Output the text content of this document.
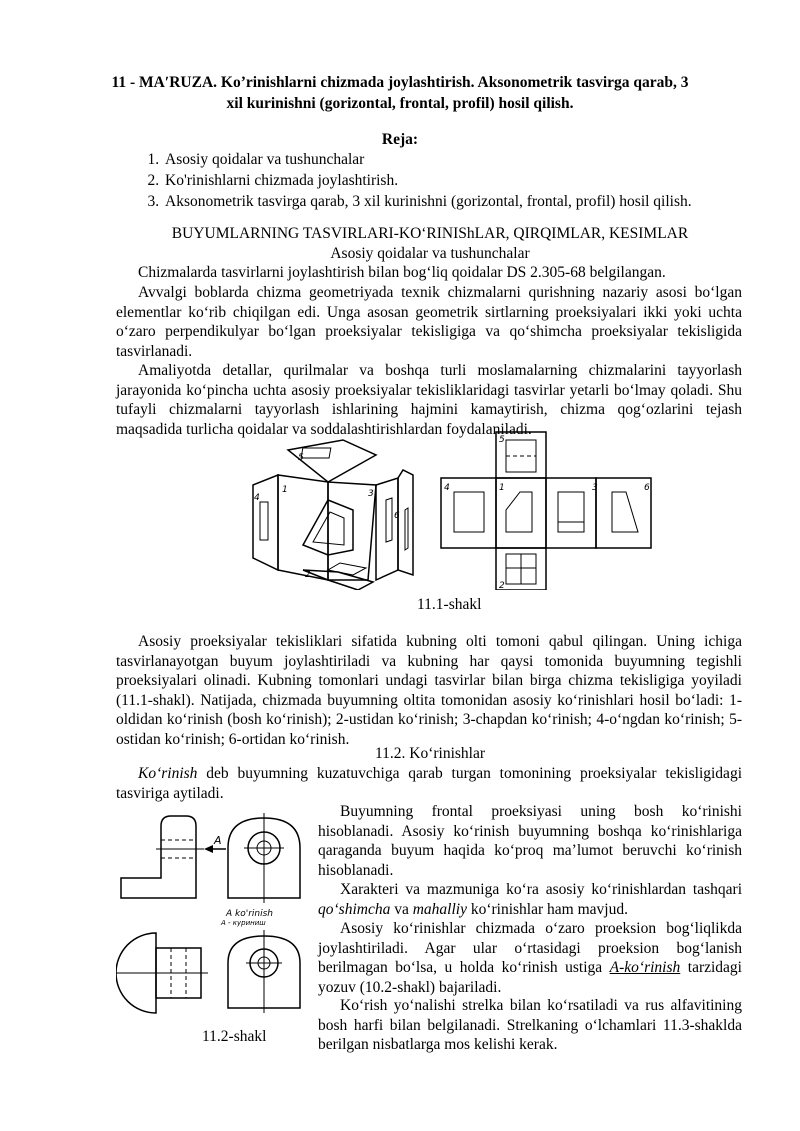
11 - MAʹRUZA. Ko’rinishlarni chizmada joylashtirish. Aksonometrik tasvirga qarab, 3 xil kurinishni (gorizontal, frontal, profil) hosil qilish.
Reja:
1. Asosiy qoidalar va tushunchalar
2. Ko'rinishlarni chizmada joylashtirish.
3. Aksonometrik tasvirga qarab, 3 xil kurinishni (gorizontal, frontal, profil) hosil qilish.
BUYUMLARNING TASVIRLARI-KO‘RINIShLAR, QIRQIMLAR, KESIMLAR
Asosiy qoidalar va tushunchalar

Chizmalarda tasvirlarni joylashtirish bilan bog‘liq qoidalar DS 2.305-68 belgilangan.

Avvalgi boblarda chizma geometriyada texnik chizmalarni qurishning nazariy asosi bo‘lgan elementlar ko‘rib chiqilgan edi. Unga asosan geometrik sirtlarning proeksiyalari ikki yoki uchta o‘zaro perpendikulyar bo‘lgan proeksiyalar tekisligiga va qo‘shimcha proeksiyalar tekisligida tasvirlanadi.

Amaliyotda detallar, qurilmalar va boshqa turli moslamalarning chizmalarini tayyorlash jarayonida ko‘pincha uchta asosiy proeksiyalar tekisliklaridagi tasvirlar yetarli bo‘lmay qoladi. Shu tufayli chizmalarni tayyorlash ishlarining hajmini kamaytirish, chizma qog‘ozlarini tejash maqsadida turlicha qoidalar va soddalashtirishlardan foydalaniladi.

5
1	3
4
6
2
4	1	3	6
5
2
11.1-shakl

Asosiy proeksiyalar tekisliklari sifatida kubning olti tomoni qabul qilingan. Uning ichiga tasvirlanayotgan buyum joylashtiriladi va kubning har qaysi tomonida buyumning tegishli proeksiyalari olinadi. Kubning tomonlari undagi tasvirlar bilan birga chizma tekisligiga yoyiladi (11.1-shakl). Natijada, chizmada buyumning oltita tomonidan asosiy ko‘rinishlari hosil bo‘ladi: 1-oldidan ko‘rinish (bosh ko‘rinish); 2-ustidan ko‘rinish; 3-chapdan ko‘rinish; 4-o‘ngdan ko‘rinish; 5-ostidan ko‘rinish; 6-ortidan ko‘rinish.

11.2. Ko‘rinishlar

Ko‘rinish deb buyumning kuzatuvchiga qarab turgan tomonining proeksiyalar tekisligidagi tasviriga aytiladi.

A
A ko'rinish
A - куриниш
11.2-shakl

Buyumning frontal proeksiyasi uning bosh ko‘rinishi hisoblanadi. Asosiy ko‘rinish buyumning boshqa ko‘rinishlariga qaraganda buyum haqida ko‘proq ma’lumot beruvchi ko‘rinish hisoblanadi.

Xarakteri va mazmuniga ko‘ra asosiy ko‘rinishlardan tashqari qo‘shimcha va mahalliy ko‘rinishlar ham mavjud.

Asosiy ko‘rinishlar chizmada o‘zaro proeksion bog‘liqlikda joylashtiriladi. Agar ular o‘rtasidagi proeksion bog‘lanish berilmagan bo‘lsa, u holda ko‘rinish ustiga A-ko‘rinish tarzidagi yozuv (10.2-shakl) bajariladi.

Ko‘rish yo‘nalishi strelka bilan ko‘rsatiladi va rus alfavitining bosh harfi bilan belgilanadi. Strelkaning o‘lchamlari 11.3-shaklda berilgan nisbatlarga mos kelishi kerak.
